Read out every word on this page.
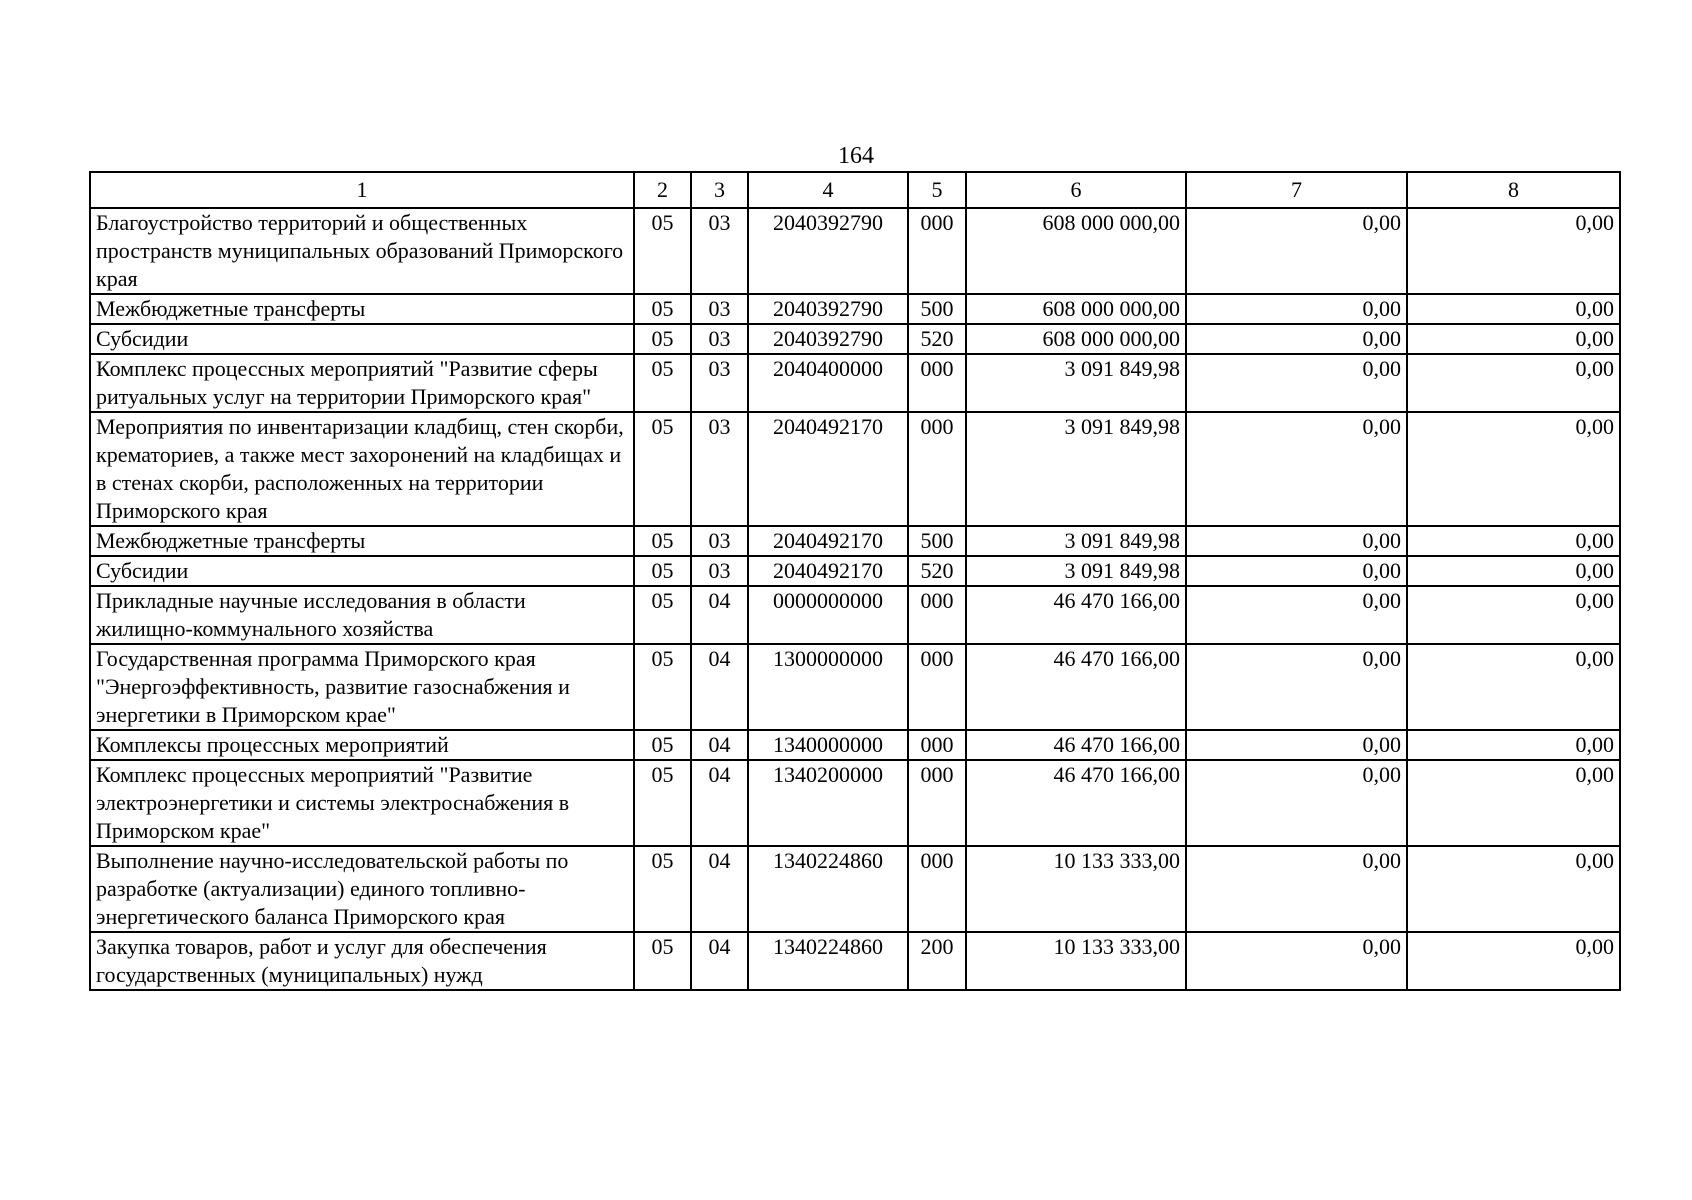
164
1	2	3	4	5	6	7	8
Благоустройство территорий и общественных пространств муниципальных образований Приморского края	05	03	2040392790	000	608 000 000,00	0,00	0,00
Межбюджетные трансферты	05	03	2040392790	500	608 000 000,00	0,00	0,00
Субсидии	05	03	2040392790	520	608 000 000,00	0,00	0,00
Комплекс процессных мероприятий "Развитие сферы ритуальных услуг на территории Приморского края"	05	03	2040400000	000	3 091 849,98	0,00	0,00
Мероприятия по инвентаризации кладбищ, стен скорби, крематориев, а также мест захоронений на кладбищах и в стенах скорби, расположенных на территории Приморского края	05	03	2040492170	000	3 091 849,98	0,00	0,00
Межбюджетные трансферты	05	03	2040492170	500	3 091 849,98	0,00	0,00
Субсидии	05	03	2040492170	520	3 091 849,98	0,00	0,00
Прикладные научные исследования в области жилищно-коммунального хозяйства	05	04	0000000000	000	46 470 166,00	0,00	0,00
Государственная программа Приморского края "Энергоэффективность, развитие газоснабжения и энергетики в Приморском крае"	05	04	1300000000	000	46 470 166,00	0,00	0,00
Комплексы процессных мероприятий	05	04	1340000000	000	46 470 166,00	0,00	0,00
Комплекс процессных мероприятий "Развитие электроэнергетики и системы электроснабжения в Приморском крае"	05	04	1340200000	000	46 470 166,00	0,00	0,00
Выполнение научно-исследовательской работы по разработке (актуализации) единого топливно-энергетического баланса Приморского края	05	04	1340224860	000	10 133 333,00	0,00	0,00
Закупка товаров, работ и услуг для обеспечения государственных (муниципальных) нужд	05	04	1340224860	200	10 133 333,00	0,00	0,00
